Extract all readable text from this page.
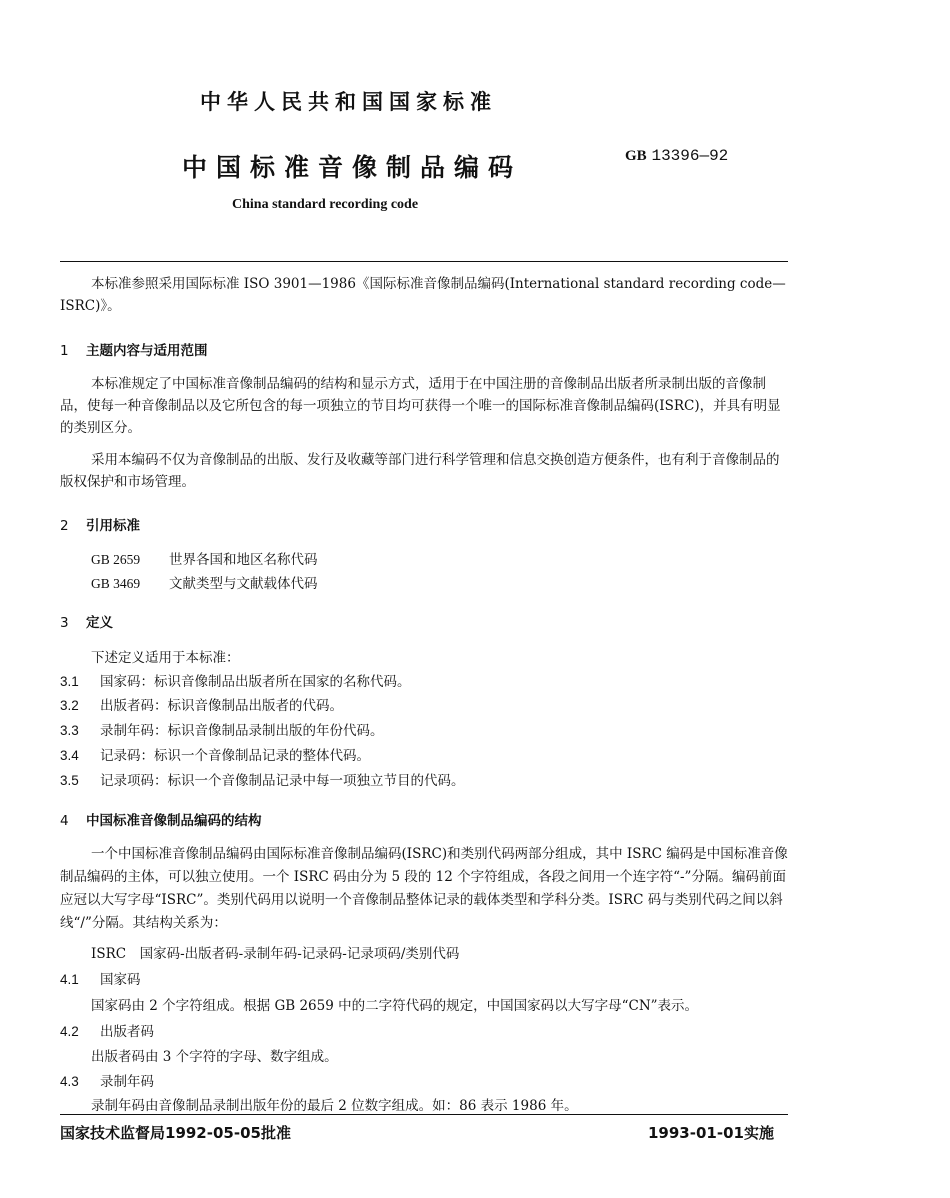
中华人民共和国国家标准
中国标准音像制品编码	GB 13396—92
China standard recording code
本标准参照采用国际标准 ISO 3901—1986《国际标准音像制品编码(International standard recording code—ISRC)》。
1 主题内容与适用范围
本标准规定了中国标准音像制品编码的结构和显示方式，适用于在中国注册的音像制品出版者所录制出版的音像制品，使每一种音像制品以及它所包含的每一项独立的节目均可获得一个唯一的国际标准音像制品编码(ISRC)，并具有明显的类别区分。
采用本编码不仅为音像制品的出版、发行及收藏等部门进行科学管理和信息交换创造方便条件，也有利于音像制品的版权保护和市场管理。
2 引用标准
GB 2659 世界各国和地区名称代码
GB 3469 文献类型与文献载体代码
3 定义
下述定义适用于本标准：
3.1 国家码：标识音像制品出版者所在国家的名称代码。
3.2 出版者码：标识音像制品出版者的代码。
3.3 录制年码：标识音像制品录制出版的年份代码。
3.4 记录码：标识一个音像制品记录的整体代码。
3.5 记录项码：标识一个音像制品记录中每一项独立节目的代码。
4 中国标准音像制品编码的结构
一个中国标准音像制品编码由国际标准音像制品编码(ISRC)和类别代码两部分组成，其中 ISRC 编码是中国标准音像制品编码的主体，可以独立使用。一个 ISRC 码由分为 5 段的 12 个字符组成，各段之间用一个连字符“-”分隔。编码前面应冠以大写字母“ISRC”。类别代码用以说明一个音像制品整体记录的载体类型和学科分类。ISRC 码与类别代码之间以斜线“/”分隔。其结构关系为：
ISRC　国家码-出版者码-录制年码-记录码-记录项码/类别代码
4.1 国家码
国家码由 2 个字符组成。根据 GB 2659 中的二字符代码的规定，中国国家码以大写字母“CN”表示。
4.2 出版者码
出版者码由 3 个字符的字母、数字组成。
4.3 录制年码
录制年码由音像制品录制出版年份的最后 2 位数字组成。如：86 表示 1986 年。
国家技术监督局1992-05-05批准	1993-01-01实施
